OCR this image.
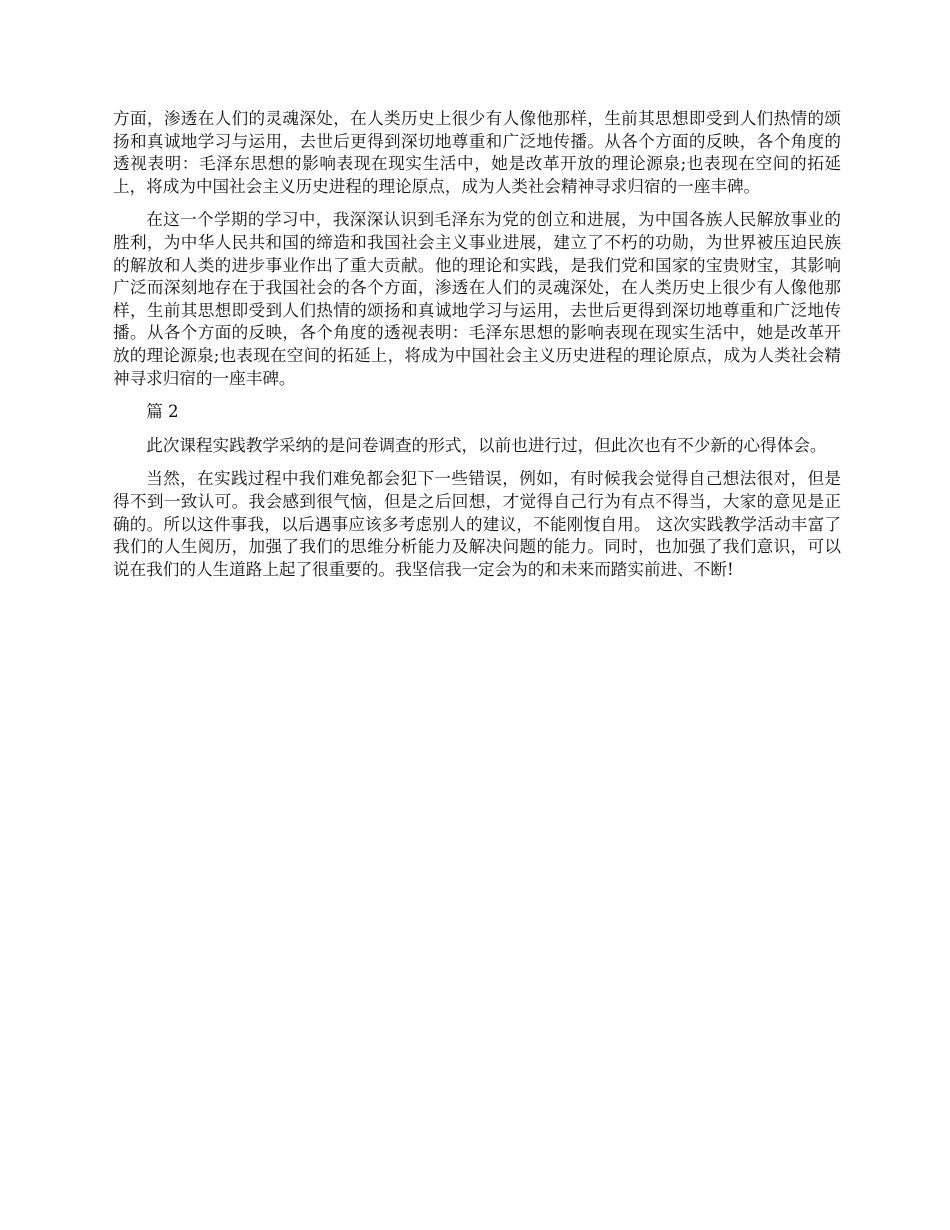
方面，渗透在人们的灵魂深处，在人类历史上很少有人像他那样，生前其思想即受到人们热情的颂扬和真诚地学习与运用，去世后更得到深切地尊重和广泛地传播。从各个方面的反映，各个角度的透视表明：毛泽东思想的影响表现在现实生活中，她是改革开放的理论源泉;也表现在空间的拓延上，将成为中国社会主义历史进程的理论原点，成为人类社会精神寻求归宿的一座丰碑。

在这一个学期的学习中，我深深认识到毛泽东为党的创立和进展，为中国各族人民解放事业的胜利，为中华人民共和国的缔造和我国社会主义事业进展，建立了不朽的功勋，为世界被压迫民族的解放和人类的进步事业作出了重大贡献。他的理论和实践，是我们党和国家的宝贵财宝，其影响广泛而深刻地存在于我国社会的各个方面，渗透在人们的灵魂深处，在人类历史上很少有人像他那样，生前其思想即受到人们热情的颂扬和真诚地学习与运用，去世后更得到深切地尊重和广泛地传播。从各个方面的反映，各个角度的透视表明：毛泽东思想的影响表现在现实生活中，她是改革开放的理论源泉;也表现在空间的拓延上，将成为中国社会主义历史进程的理论原点，成为人类社会精神寻求归宿的一座丰碑。

篇 2

此次课程实践教学采纳的是问卷调查的形式，以前也进行过，但此次也有不少新的心得体会。

当然，在实践过程中我们难免都会犯下一些错误，例如，有时候我会觉得自己想法很对，但是得不到一致认可。我会感到很气恼，但是之后回想，才觉得自己行为有点不得当，大家的意见是正确的。所以这件事我，以后遇事应该多考虑别人的建议，不能刚愎自用。 这次实践教学活动丰富了我们的人生阅历，加强了我们的思维分析能力及解决问题的能力。同时，也加强了我们意识，可以说在我们的人生道路上起了很重要的。我坚信我一定会为的和未来而踏实前进、不断!
